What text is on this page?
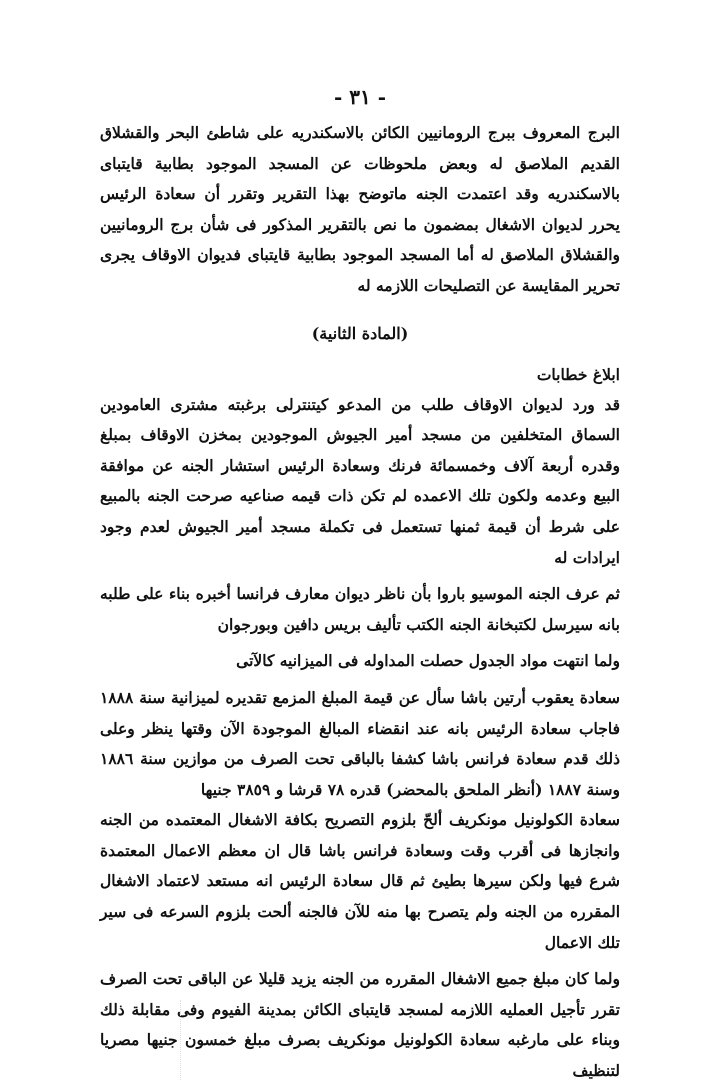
- ٣١ -

البرج المعروف ببرج الرومانيين الكائن بالاسكندريه على شاطئ البحر والقشلاق القديم الملاصق له وبعض ملحوظات عن المسجد الموجود بطابية قايتباى بالاسكندريه وقد اعتمدت الجنه ماتوضح بهذا التقرير وتقرر أن سعادة الرئيس يحرر لديوان الاشغال بمضمون ما نص بالتقرير المذكور فى شأن برج الرومانيين والقشلاق الملاصق له أما المسجد الموجود بطابية قايتباى فديوان الاوقاف يجرى تحرير المقايسة عن التصليحات اللازمه له

(المادة الثانية)
ابلاغ خطابات

قد ورد لديوان الاوقاف طلب من المدعو كيتنترلى برغبته مشترى العامودين السماق المتخلفين من مسجد أمير الجيوش الموجودين بمخزن الاوقاف بمبلغ وقدره أربعة آلاف وخمسمائة فرنك وسعادة الرئيس استشار الجنه عن موافقة البيع وعدمه ولكون تلك الاعمده لم تكن ذات قيمه صناعيه صرحت الجنه بالمبيع على شرط أن قيمة ثمنها تستعمل فى تكملة مسجد أمير الجيوش لعدم وجود ايرادات له

ثم عرف الجنه الموسيو باروا بأن ناظر ديوان معارف فرانسا أخبره بناء على طلبه بانه سيرسل لكتبخانة الجنه الكتب تأليف بريس دافين وبورجوان

ولما انتهت مواد الجدول حصلت المداوله فى الميزانيه كالآتى

سعادة يعقوب أرتين باشا سأل عن قيمة المبلغ المزمع تقديره لميزانية سنة ١٨٨٨ فاجاب سعادة الرئيس بانه عند انقضاء المبالغ الموجودة الآن وقتها ينظر وعلى ذلك قدم سعادة فرانس باشا كشفا بالباقى تحت الصرف من موازين سنة ١٨٨٦ وسنة ١٨٨٧ (أنظر الملحق بالمحضر) قدره ٧٨ قرشا و ٣٨٥٩ جنيها

سعادة الكولونيل مونكريف ألحّ بلزوم التصريح بكافة الاشغال المعتمده من الجنه وانجازها فى أقرب وقت وسعادة فرانس باشا قال ان معظم الاعمال المعتمدة شرع فيها ولكن سيرها بطيئ ثم قال سعادة الرئيس انه مستعد لاعتماد الاشغال المقرره من الجنه ولم يتصرح بها منه للآن فالجنه ألحت بلزوم السرعه فى سير تلك الاعمال

ولما كان مبلغ جميع الاشغال المقرره من الجنه يزيد قليلا عن الباقى تحت الصرف تقرر تأجيل العمليه اللازمه لمسجد قايتباى الكائن بمدينة الفيوم وفى مقابلة ذلك وبناء على مارغبه سعادة الكولونيل مونكريف بصرف مبلغ خمسون جنيها مصريا لتنظيف
